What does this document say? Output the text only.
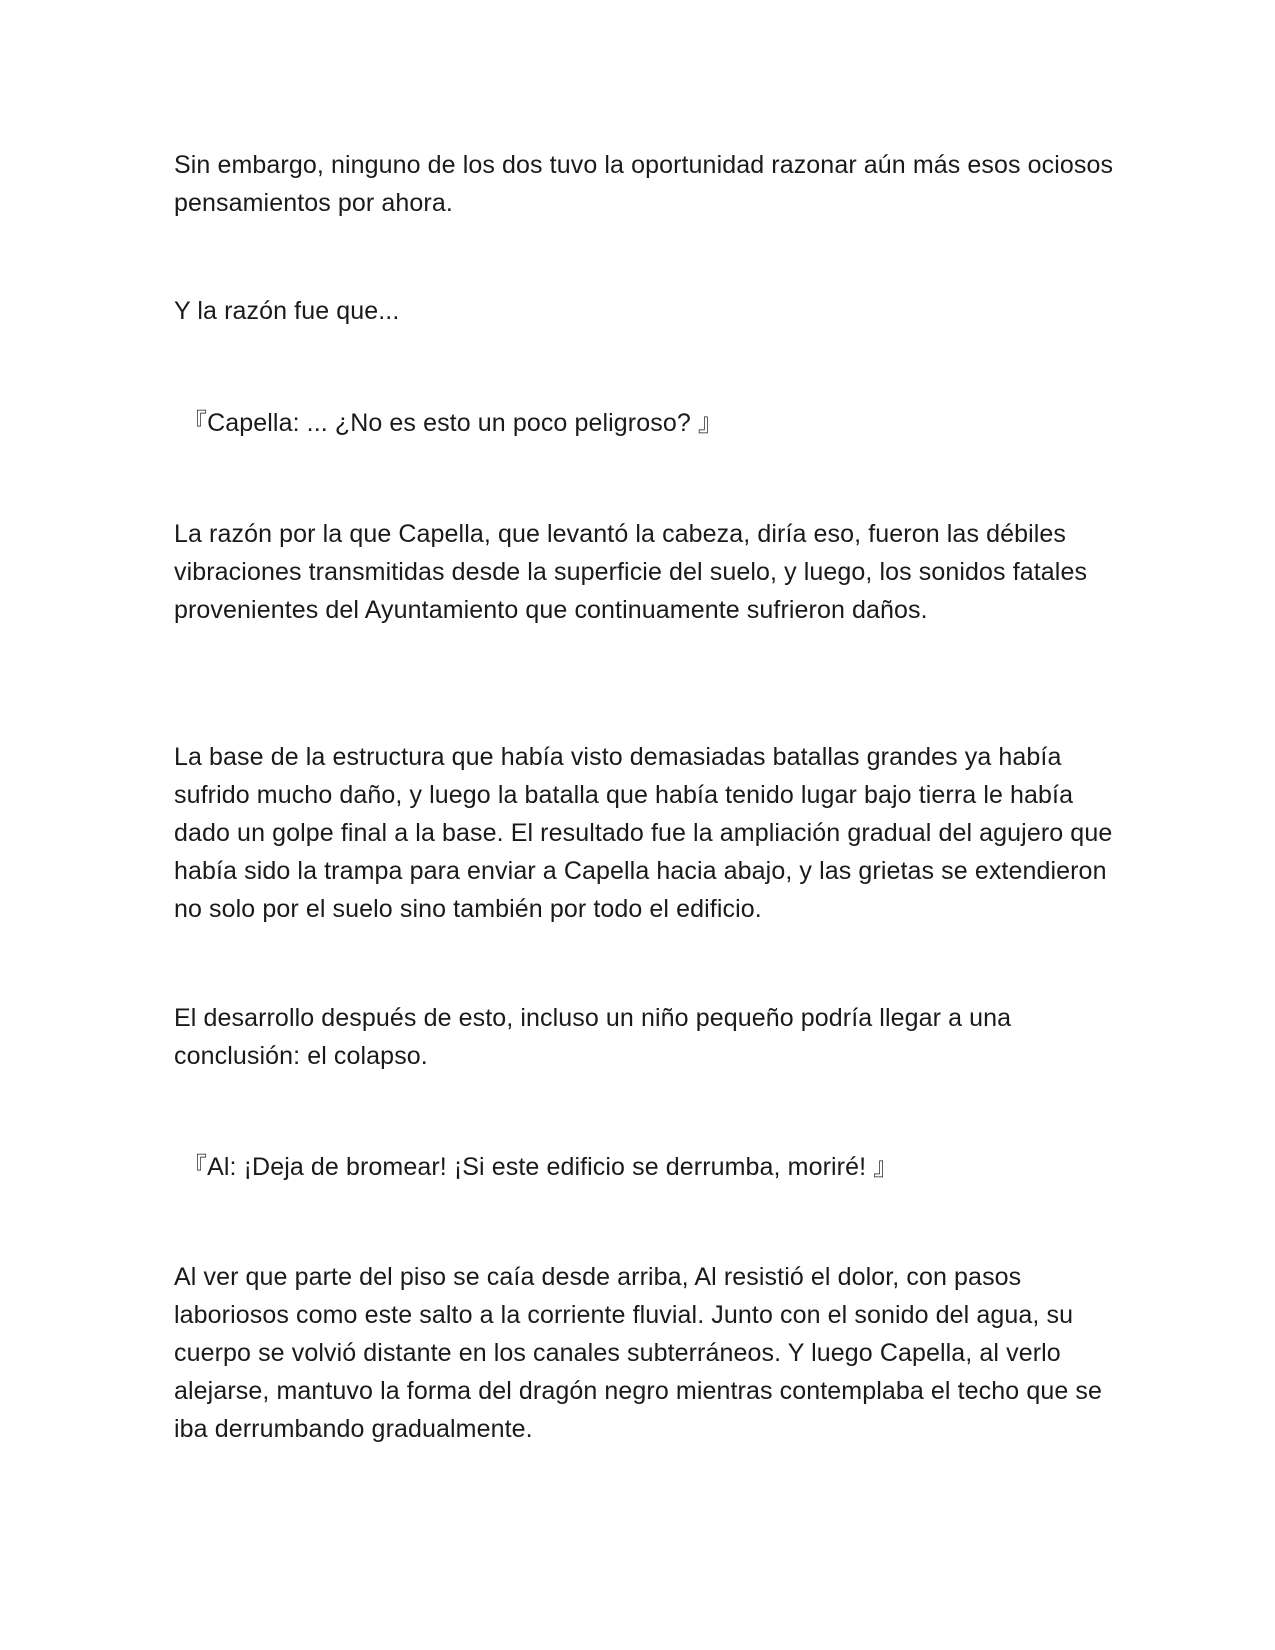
Sin embargo, ninguno de los dos tuvo la oportunidad razonar aún más esos ociosos pensamientos por ahora.

Y la razón fue que...

『Capella: ... ¿No es esto un poco peligroso? 』

La razón por la que Capella, que levantó la cabeza, diría eso, fueron las débiles vibraciones transmitidas desde la superficie del suelo, y luego, los sonidos fatales provenientes del Ayuntamiento que continuamente sufrieron daños.

La base de la estructura que había visto demasiadas batallas grandes ya había sufrido mucho daño, y luego la batalla que había tenido lugar bajo tierra le había dado un golpe final a la base. El resultado fue la ampliación gradual del agujero que había sido la trampa para enviar a Capella hacia abajo, y las grietas se extendieron no solo por el suelo sino también por todo el edificio.

El desarrollo después de esto, incluso un niño pequeño podría llegar a una conclusión: el colapso.

『Al: ¡Deja de bromear! ¡Si este edificio se derrumba, moriré! 』

Al ver que parte del piso se caía desde arriba, Al resistió el dolor, con pasos laboriosos como este salto a la corriente fluvial. Junto con el sonido del agua, su cuerpo se volvió distante en los canales subterráneos. Y luego Capella, al verlo alejarse, mantuvo la forma del dragón negro mientras contemplaba el techo que se iba derrumbando gradualmente.
